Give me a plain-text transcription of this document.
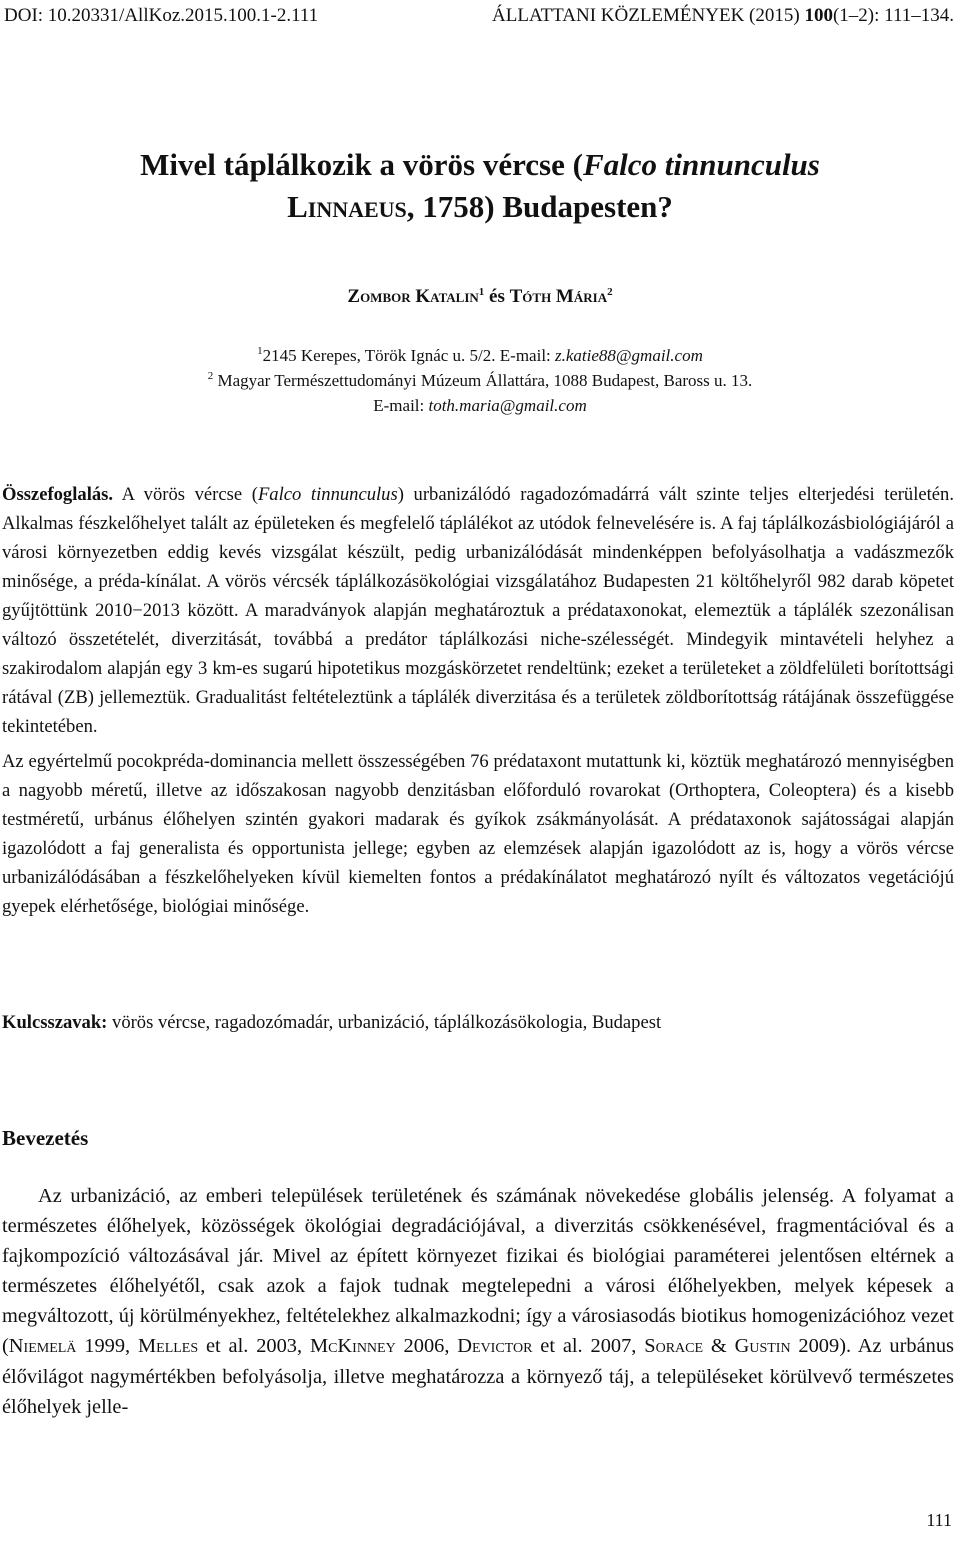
DOI: 10.20331/AllKoz.2015.100.1-2.111	ÁLLATTANI KÖZLEMÉNYEK (2015) 100(1–2): 111–134.
Mivel táplálkozik a vörös vércse (Falco tinnunculus
Linnaeus, 1758) Budapesten?
Zombor Katalin$^1$ és Tóth Mária$^2$
$^1$2145 Kerepes, Török Ignác u. 5/2. E-mail: z.katie88@gmail.com
$^2$ Magyar Természettudományi Múzeum Állattára, 1088 Budapest, Baross u. 13.
E-mail: toth.maria@gmail.com

Összefoglalás. A vörös vércse (Falco tinnunculus) urbanizálódó ragadozómadárrá vált szinte teljes elterjedési területén. Alkalmas fészkelőhelyet talált az épületeken és megfelelő táplálékot az utódok felnevelésére is. A faj táplálkozásbiológiájáról a városi környezetben eddig kevés vizsgálat készült, pedig urbanizálódását mindenképpen befolyásolhatja a vadászmezők minősége, a préda-kínálat. A vörös vércsék táplálkozásökológiai vizsgálatához Budapesten 21 költőhelyről 982 darab köpetet gyűjtöttünk 2010−2013 között. A maradványok alapján meghatároztuk a prédataxonokat, elemeztük a táplálék szezonálisan változó összetételét, diverzitását, továbbá a predátor táplálkozási niche-szélességét. Mindegyik mintavételi helyhez a szakirodalom alapján egy 3 km-es sugarú hipotetikus mozgáskörzetet rendeltünk; ezeket a területeket a zöldfelületi borítottsági rátával (ZB) jellemeztük. Gradualitást feltételeztünk a táplálék diverzitása és a területek zöldborítottság rátájának összefüggése tekintetében.

Az egyértelmű pocokpréda-dominancia mellett összességében 76 prédataxont mutattunk ki, köztük meghatározó mennyiségben a nagyobb méretű, illetve az időszakosan nagyobb denzitásban előforduló rovarokat (Orthoptera, Coleoptera) és a kisebb testméretű, urbánus élőhelyen szintén gyakori madarak és gyíkok zsákmányolását. A prédataxonok sajátosságai alapján igazolódott a faj generalista és opportunista jellege; egyben az elemzések alapján igazolódott az is, hogy a vörös vércse urbanizálódásában a fészkelőhelyeken kívül kiemelten fontos a prédakínálatot meghatározó nyílt és változatos vegetációjú gyepek elérhetősége, biológiai minősége.

Kulcsszavak: vörös vércse, ragadozómadár, urbanizáció, táplálkozásökologia, Budapest
Bevezetés

Az urbanizáció, az emberi települések területének és számának növekedése globális jelenség. A folyamat a természetes élőhelyek, közösségek ökológiai degradációjával, a diverzitás csökkenésével, fragmentációval és a fajkompozíció változásával jár. Mivel az épített környezet fizikai és biológiai paraméterei jelentősen eltérnek a természetes élőhelyétől, csak azok a fajok tudnak megtelepedni a városi élőhelyekben, melyek képesek a megváltozott, új körülményekhez, feltételekhez alkalmazkodni; így a városiasodás biotikus homogenizációhoz vezet (Niemelä 1999, Melles et al. 2003, McKinney 2006, Devictor et al. 2007, Sorace & Gustin 2009). Az urbánus élővilágot nagymértékben befolyásolja, illetve meghatározza a környező táj, a településeket körülvevő természetes élőhelyek jelle-

111
